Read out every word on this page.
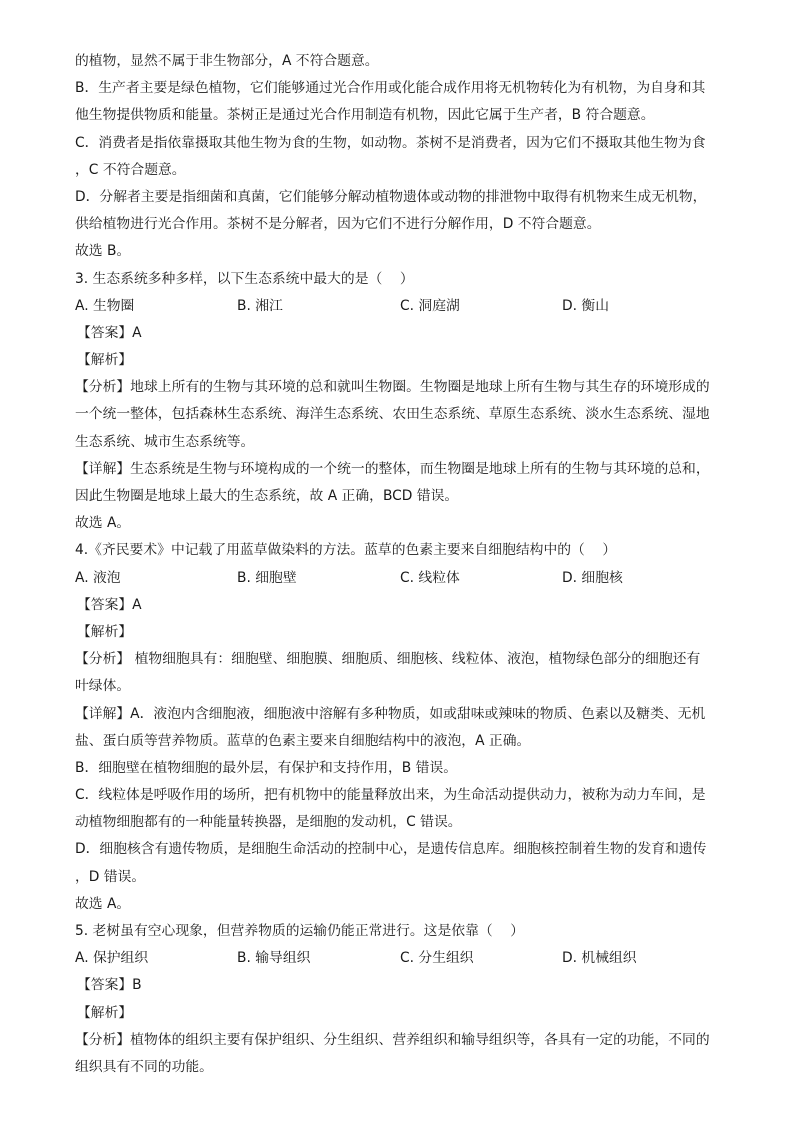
的植物，显然不属于非生物部分，A 不符合题意。
B．生产者主要是绿色植物，它们能够通过光合作用或化能合成作用将无机物转化为有机物，为自身和其
他生物提供物质和能量。茶树正是通过光合作用制造有机物，因此它属于生产者，B 符合题意。
C．消费者是指依靠摄取其他生物为食的生物，如动物。茶树不是消费者，因为它们不摄取其他生物为食
，C 不符合题意。
D．分解者主要是指细菌和真菌，它们能够分解动植物遗体或动物的排泄物中取得有机物来生成无机物，
供给植物进行光合作用。茶树不是分解者，因为它们不进行分解作用，D 不符合题意。
故选 B。
3. 生态系统多种多样，以下生态系统中最大的是（    ）
A. 生物圈	B. 湘江	C. 洞庭湖	D. 衡山
【答案】A
【解析】
【分析】地球上所有的生物与其环境的总和就叫生物圈。生物圈是地球上所有生物与其生存的环境形成的
一个统一整体，包括森林生态系统、海洋生态系统、农田生态系统、草原生态系统、淡水生态系统、湿地
生态系统、城市生态系统等。
【详解】生态系统是生物与环境构成的一个统一的整体，而生物圈是地球上所有的生物与其环境的总和，
因此生物圈是地球上最大的生态系统，故 A 正确，BCD 错误。
故选 A。
4.《齐民要术》中记载了用蓝草做染料的方法。蓝草的色素主要来自细胞结构中的（    ）
A. 液泡	B. 细胞壁	C. 线粒体	D. 细胞核
【答案】A
【解析】
【分析】 植物细胞具有：细胞壁、细胞膜、细胞质、细胞核、线粒体、液泡，植物绿色部分的细胞还有
叶绿体。
【详解】A．液泡内含细胞液，细胞液中溶解有多种物质，如或甜味或辣味的物质、色素以及糖类、无机
盐、蛋白质等营养物质。蓝草的色素主要来自细胞结构中的液泡，A 正确。
B．细胞壁在植物细胞的最外层，有保护和支持作用，B 错误。
C．线粒体是呼吸作用的场所，把有机物中的能量释放出来，为生命活动提供动力，被称为动力车间，是
动植物细胞都有的一种能量转换器，是细胞的发动机，C 错误。
D．细胞核含有遗传物质，是细胞生命活动的控制中心，是遗传信息库。细胞核控制着生物的发育和遗传
，D 错误。
故选 A。
5. 老树虽有空心现象，但营养物质的运输仍能正常进行。这是依靠（    ）
A. 保护组织	B. 输导组织	C. 分生组织	D. 机械组织
【答案】B
【解析】
【分析】植物体的组织主要有保护组织、分生组织、营养组织和输导组织等，各具有一定的功能，不同的
组织具有不同的功能。
